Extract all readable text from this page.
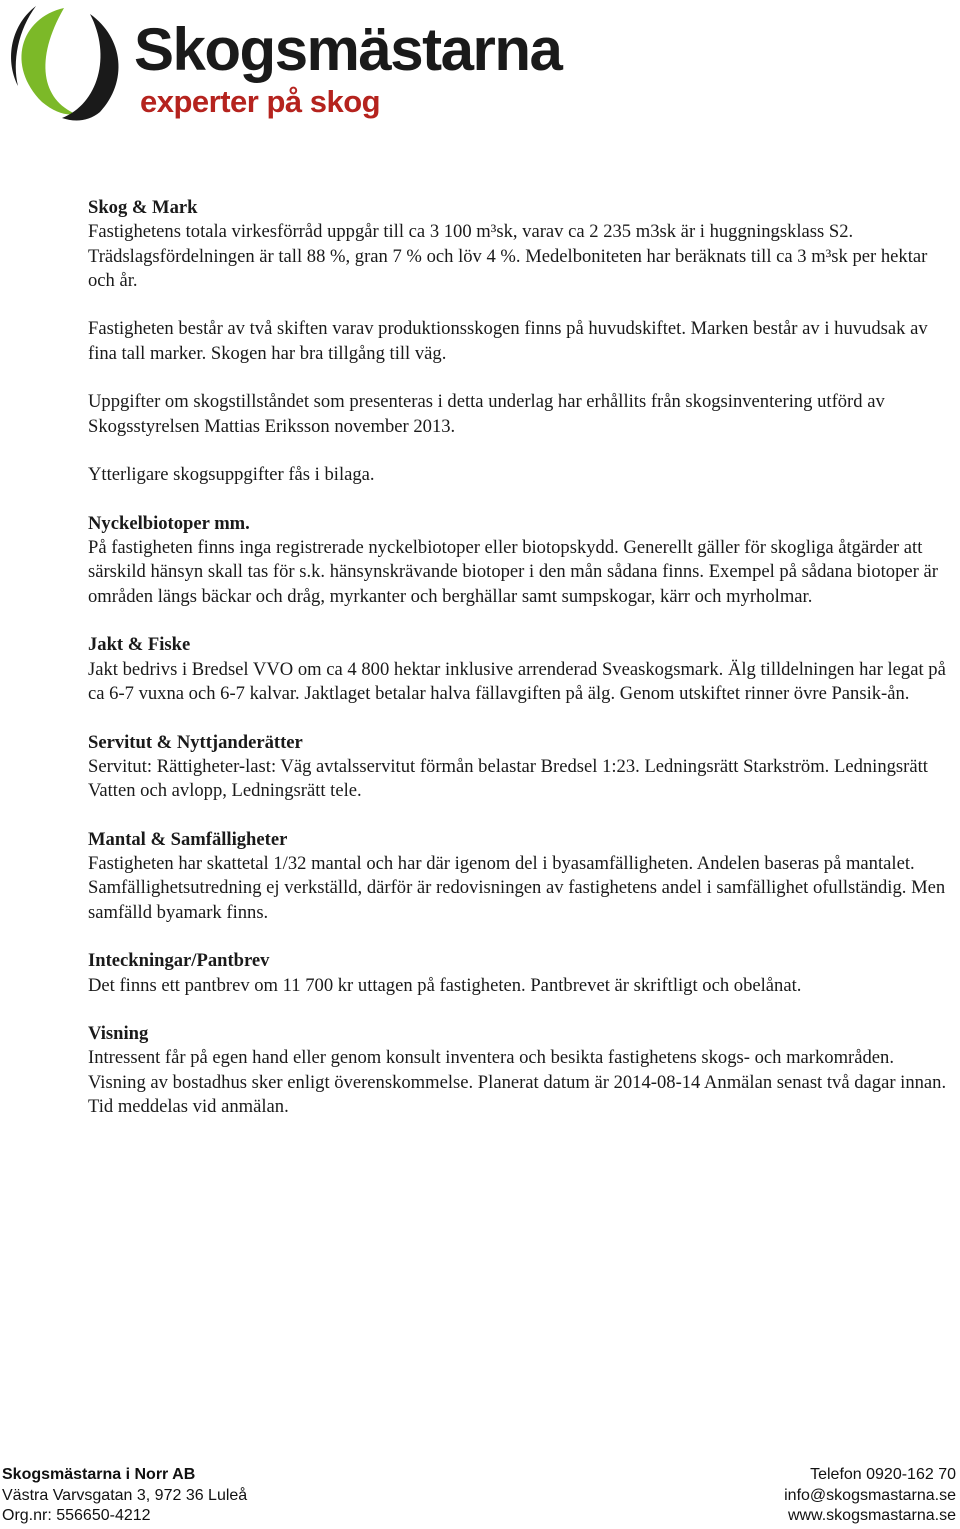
Skogsmästarna
experter på skog
Skog & Mark

Fastighetens totala virkesförråd uppgår till ca 3 100 m³sk, varav ca 2 235 m3sk är i huggningsklass S2. Trädslagsfördelningen är tall 88 %, gran 7 % och löv 4 %. Medelboniteten har beräknats till ca 3 m³sk per hektar och år.

Fastigheten består av två skiften varav produktionsskogen finns på huvudskiftet. Marken består av i huvudsak av fina tall marker. Skogen har bra tillgång till väg.

Uppgifter om skogstillståndet som presenteras i detta underlag har erhållits från skogsinventering utförd av Skogsstyrelsen Mattias Eriksson november 2013.

Ytterligare skogsuppgifter fås i bilaga.

Nyckelbiotoper mm.

På fastigheten finns inga registrerade nyckelbiotoper eller biotopskydd. Generellt gäller för skogliga åtgärder att särskild hänsyn skall tas för s.k. hänsynskrävande biotoper i den mån sådana finns. Exempel på sådana biotoper är områden längs bäckar och dråg, myrkanter och berghällar samt sumpskogar, kärr och myrholmar.

Jakt & Fiske

Jakt bedrivs i Bredsel VVO om ca 4 800 hektar inklusive arrenderad Sveaskogsmark. Älg tilldelningen har legat på ca 6-7 vuxna och 6-7 kalvar. Jaktlaget betalar halva fällavgiften på älg. Genom utskiftet rinner övre Pansik-ån.

Servitut & Nyttjanderätter

Servitut: Rättigheter-last: Väg avtalsservitut förmån belastar Bredsel 1:23. Ledningsrätt Starkström. Ledningsrätt Vatten och avlopp, Ledningsrätt tele.

Mantal & Samfälligheter

Fastigheten har skattetal 1/32 mantal och har där igenom del i byasamfälligheten. Andelen baseras på mantalet. Samfällighetsutredning ej verkställd, därför är redovisningen av fastighetens andel i samfällighet ofullständig. Men samfälld byamark finns.

Inteckningar/Pantbrev

Det finns ett pantbrev om 11 700 kr uttagen på fastigheten. Pantbrevet är skriftligt och obelånat.

Visning

Intressent får på egen hand eller genom konsult inventera och besikta fastighetens skogs- och markområden. Visning av bostadhus sker enligt överenskommelse. Planerat datum är 2014-08-14 Anmälan senast två dagar innan. Tid meddelas vid anmälan.

Skogsmästarna i Norr AB
Västra Varvsgatan 3, 972 36 Luleå
Org.nr: 556650-4212
Telefon 0920-162 70
info@skogsmastarna.se
www.skogsmastarna.se
